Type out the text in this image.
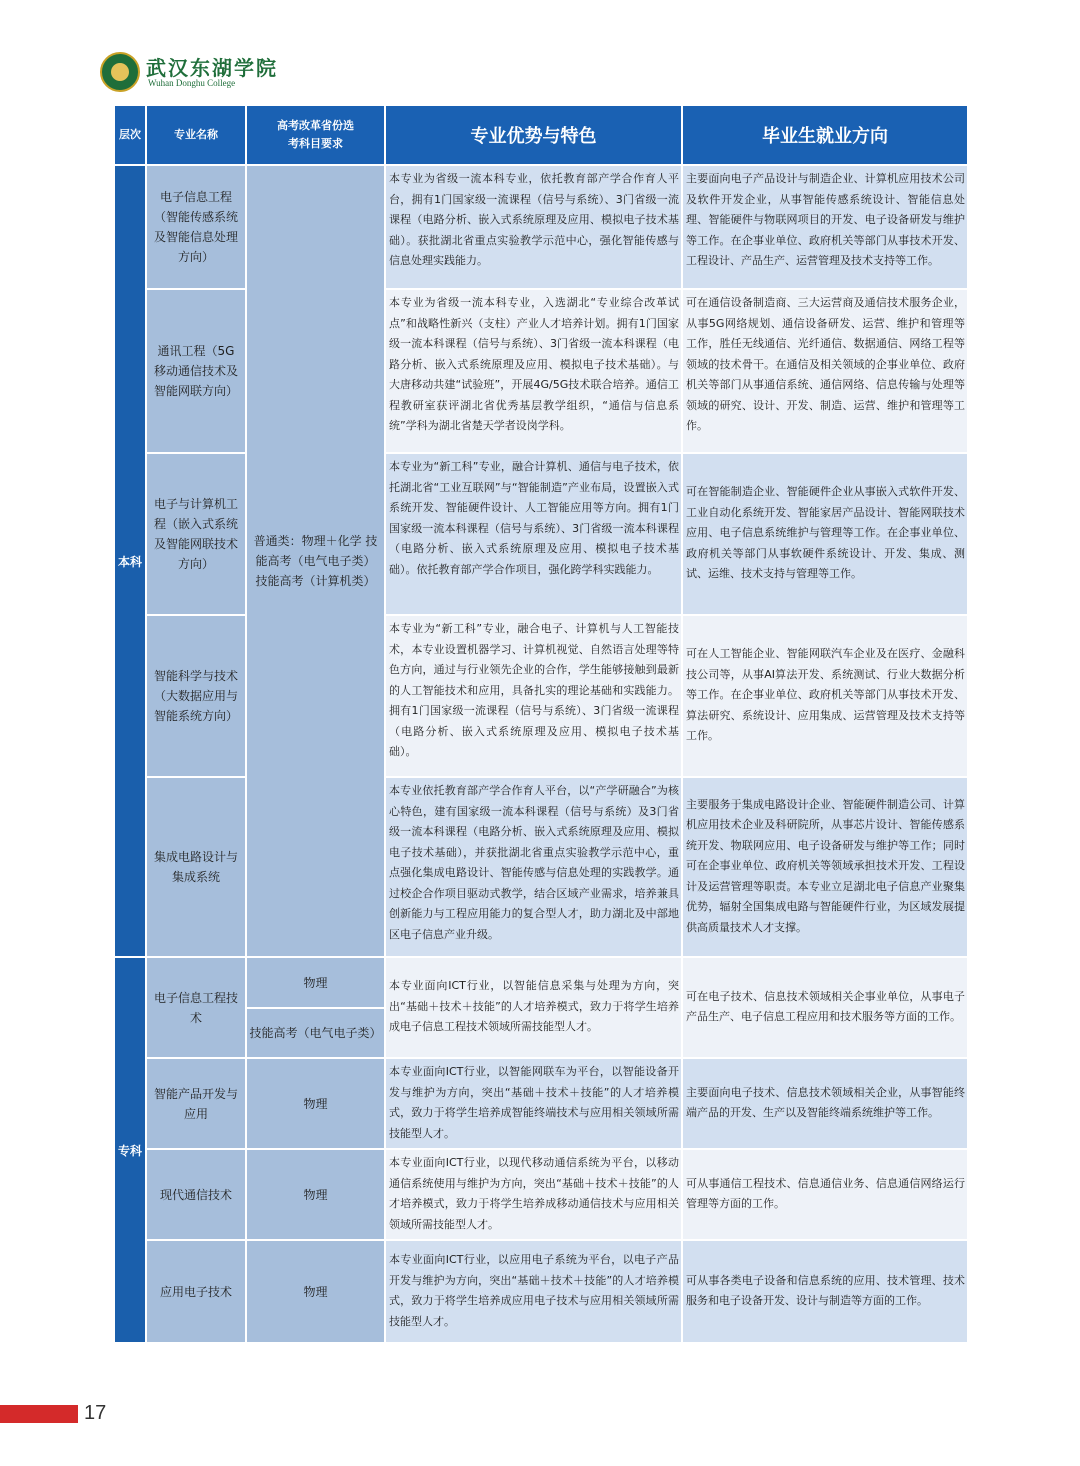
武汉东湖学院
Wuhan Donghu College
层次	专业名称	高考改革省份选
考科目要求	专业优势与特色	毕业生就业方向
本科	电子信息工程（智能传感系统及智能信息处理方向）	普通类：物理＋化学 技能高考（电气电子类） 技能高考（计算机类）	本专业为省级一流本科专业，依托教育部产学合作育人平台，拥有1门国家级一流课程（信号与系统）、3门省级一流课程（电路分析、嵌入式系统原理及应用、模拟电子技术基础）。获批湖北省重点实验教学示范中心，强化智能传感与信息处理实践能力。	主要面向电子产品设计与制造企业、计算机应用技术公司及软件开发企业，从事智能传感系统设计、智能信息处理、智能硬件与物联网项目的开发、电子设备研发与维护等工作。在企事业单位、政府机关等部门从事技术开发、工程设计、产品生产、运营管理及技术支持等工作。
	通讯工程（5G移动通信技术及智能网联方向）		本专业为省级一流本科专业，入选湖北“专业综合改革试点”和战略性新兴（支柱）产业人才培养计划。拥有1门国家级一流本科课程（信号与系统）、3门省级一流本科课程（电路分析、嵌入式系统原理及应用、模拟电子技术基础）。与大唐移动共建“试验班”，开展4G/5G技术联合培养。通信工程教研室获评湖北省优秀基层教学组织，“通信与信息系统”学科为湖北省楚天学者设岗学科。	可在通信设备制造商、三大运营商及通信技术服务企业，从事5G网络规划、通信设备研发、运营、维护和管理等工作，胜任无线通信、光纤通信、数据通信、网络工程等领域的技术骨干。在通信及相关领域的企事业单位、政府机关等部门从事通信系统、通信网络、信息传输与处理等领域的研究、设计、开发、制造、运营、维护和管理等工作。
	电子与计算机工程（嵌入式系统及智能网联技术方向）		本专业为“新工科”专业，融合计算机、通信与电子技术，依托湖北省“工业互联网”与“智能制造”产业布局，设置嵌入式系统开发、智能硬件设计、人工智能应用等方向。拥有1门国家级一流本科课程（信号与系统）、3门省级一流本科课程（电路分析、嵌入式系统原理及应用、模拟电子技术基础）。依托教育部产学合作项目，强化跨学科实践能力。	可在智能制造企业、智能硬件企业从事嵌入式软件开发、工业自动化系统开发、智能家居产品设计、智能网联技术应用、电子信息系统维护与管理等工作。在企事业单位、政府机关等部门从事软硬件系统设计、开发、集成、测试、运维、技术支持与管理等工作。
	智能科学与技术（大数据应用与智能系统方向）		本专业为“新工科”专业，融合电子、计算机与人工智能技术，本专业设置机器学习、计算机视觉、自然语言处理等特色方向，通过与行业领先企业的合作，学生能够接触到最新的人工智能技术和应用，具备扎实的理论基础和实践能力。拥有1门国家级一流课程（信号与系统）、3门省级一流课程（电路分析、嵌入式系统原理及应用、模拟电子技术基础）。	可在人工智能企业、智能网联汽车企业及在医疗、金融科技公司等，从事AI算法开发、系统测试、行业大数据分析等工作。在企事业单位、政府机关等部门从事技术开发、算法研究、系统设计、应用集成、运营管理及技术支持等工作。
	集成电路设计与集成系统		本专业依托教育部产学合作育人平台，以“产学研融合”为核心特色，建有国家级一流本科课程（信号与系统）及3门省级一流本科课程（电路分析、嵌入式系统原理及应用、模拟电子技术基础），并获批湖北省重点实验教学示范中心，重点强化集成电路设计、智能传感与信息处理的实践教学。通过校企合作项目驱动式教学，结合区域产业需求，培养兼具创新能力与工程应用能力的复合型人才，助力湖北及中部地区电子信息产业升级。	主要服务于集成电路设计企业、智能硬件制造公司、计算机应用技术企业及科研院所，从事芯片设计、智能传感系统开发、物联网应用、电子设备研发与维护等工作；同时可在企事业单位、政府机关等领域承担技术开发、工程设计及运营管理等职责。本专业立足湖北电子信息产业聚集优势，辐射全国集成电路与智能硬件行业，为区域发展提供高质量技术人才支撑。
专科	电子信息工程技术	物理	本专业面向ICT行业，以智能信息采集与处理为方向，突出“基础＋技术＋技能”的人才培养模式，致力于将学生培养成电子信息工程技术领域所需技能型人才。	可在电子技术、信息技术领域相关企事业单位，从事电子产品生产、电子信息工程应用和技术服务等方面的工作。
		技能高考（电气电子类）		
	智能产品开发与应用	物理	本专业面向ICT行业，以智能网联车为平台，以智能设备开发与维护为方向，突出“基础＋技术＋技能”的人才培养模式，致力于将学生培养成智能终端技术与应用相关领域所需技能型人才。	主要面向电子技术、信息技术领域相关企业，从事智能终端产品的开发、生产以及智能终端系统维护等工作。
	现代通信技术	物理	本专业面向ICT行业，以现代移动通信系统为平台，以移动通信系统使用与维护为方向，突出“基础＋技术＋技能”的人才培养模式，致力于将学生培养成移动通信技术与应用相关领域所需技能型人才。	可从事通信工程技术、信息通信业务、信息通信网络运行管理等方面的工作。
	应用电子技术	物理	本专业面向ICT行业，以应用电子系统为平台，以电子产品开发与维护为方向，突出“基础＋技术＋技能”的人才培养模式，致力于将学生培养成应用电子技术与应用相关领域所需技能型人才。	可从事各类电子设备和信息系统的应用、技术管理、技术服务和电子设备开发、设计与制造等方面的工作。
17
